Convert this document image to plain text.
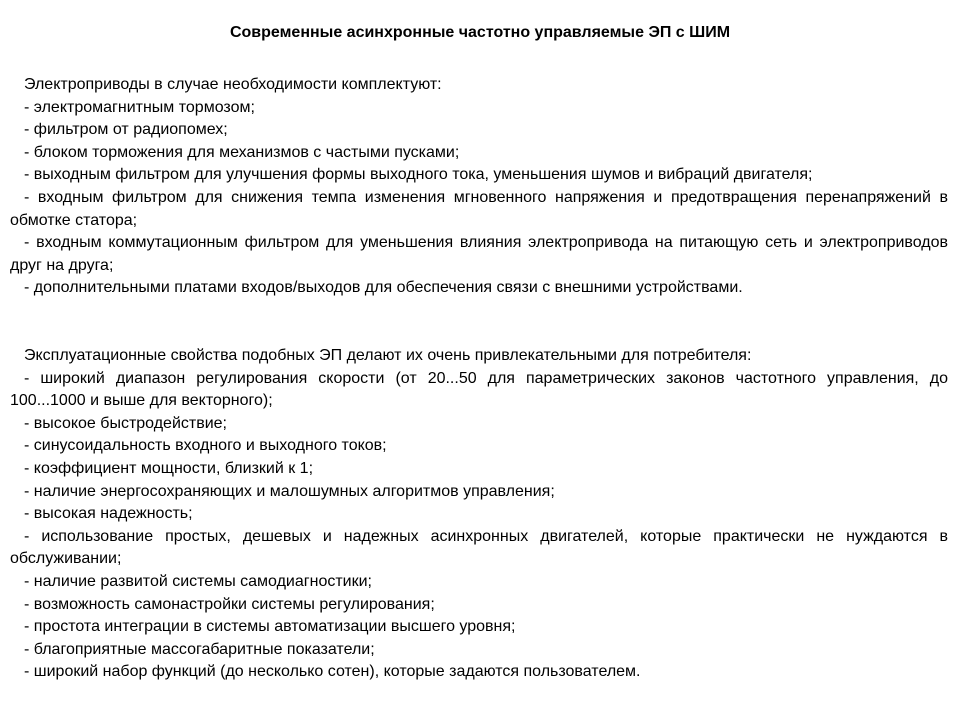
Современные асинхронные частотно управляемые ЭП с ШИМ

Электроприводы в случае необходимости комплектуют:

- электромагнитным тормозом;

- фильтром от радиопомех;

- блоком торможения для механизмов с частыми пусками;

- выходным фильтром для улучшения формы выходного тока, уменьшения шумов и вибраций двигателя;

- входным фильтром для снижения темпа изменения мгновенного напряжения и предотвращения перенапряжений в обмотке статора;

- входным коммутационным фильтром для уменьшения влияния электропривода на питающую сеть и электроприводов друг на друга;

- дополнительными платами входов/выходов для обеспечения связи с внешними устройствами.

Эксплуатационные свойства подобных ЭП делают их очень привлекательными для потребителя:

- широкий диапазон регулирования скорости (от 20...50 для параметрических законов частотного управления, до 100...1000 и выше для векторного);

- высокое быстродействие;

- синусоидальность входного и выходного токов;

- коэффициент мощности, близкий к 1;

- наличие энергосохраняющих и малошумных алгоритмов управления;

- высокая надежность;

- использование простых, дешевых и надежных асинхронных двигателей, которые практически не нуждаются в обслуживании;

- наличие развитой системы самодиагностики;

- возможность самонастройки системы регулирования;

- простота интеграции в системы автоматизации высшего уровня;

- благоприятные массогабаритные показатели;

- широкий набор функций (до несколько сотен), которые задаются пользователем.
